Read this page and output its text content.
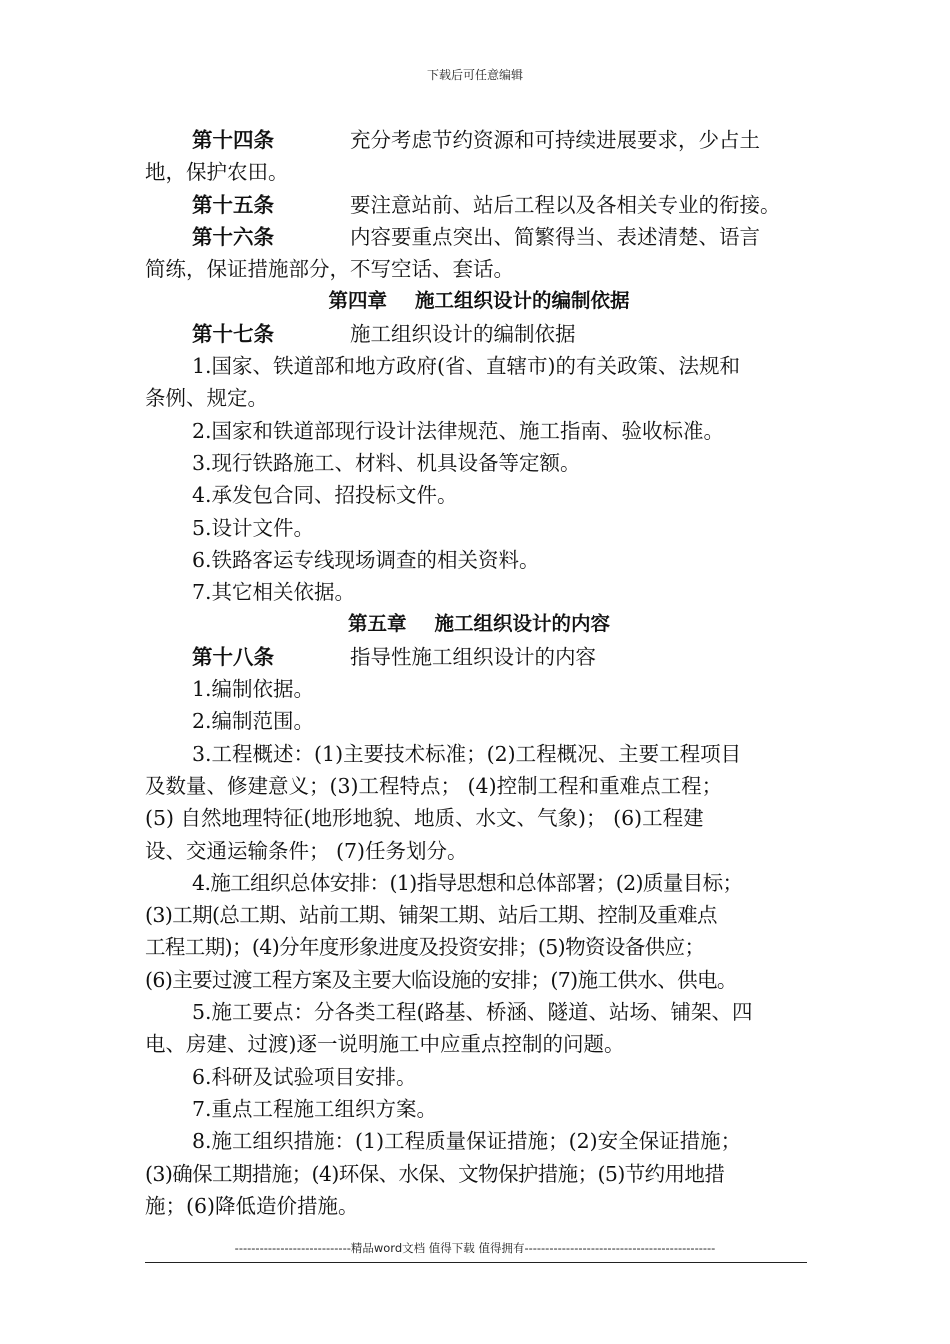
下载后可任意编辑
第十四条	充分考虑节约资源和可持续进展要求，少占土
地，保护农田。
第十五条	要注意站前、站后工程以及各相关专业的衔接。
第十六条	内容要重点突出、简繁得当、表述清楚、语言
简练，保证措施部分，不写空话、套话。
第四章 施工组织设计的编制依据
第十七条	施工组织设计的编制依据
1.国家、铁道部和地方政府(省、直辖市)的有关政策、法规和
条例、规定。
2.国家和铁道部现行设计法律规范、施工指南、验收标准。
3.现行铁路施工、材料、机具设备等定额。
4.承发包合同、招投标文件。
5.设计文件。
6.铁路客运专线现场调查的相关资料。
7.其它相关依据。
第五章 施工组织设计的内容
第十八条	指导性施工组织设计的内容
1.编制依据。
2.编制范围。
3.工程概述：(1)主要技术标准；(2)工程概况、主要工程项目
及数量、修建意义；(3)工程特点； (4)控制工程和重难点工程；
(5) 自然地理特征(地形地貌、地质、水文、气象)； (6)工程建
设、交通运输条件； (7)任务划分。
4.施工组织总体安排：(1)指导思想和总体部署；(2)质量目标；
(3)工期(总工期、站前工期、铺架工期、站后工期、控制及重难点
工程工期)；(4)分年度形象进度及投资安排；(5)物资设备供应；
(6)主要过渡工程方案及主要大临设施的安排；(7)施工供水、供电。
5.施工要点：分各类工程(路基、桥涵、隧道、站场、铺架、四
电、房建、过渡)逐一说明施工中应重点控制的问题。
6.科研及试验项目安排。
7.重点工程施工组织方案。
8.施工组织措施：(1)工程质量保证措施；(2)安全保证措施；
(3)确保工期措施；(4)环保、水保、文物保护措施；(5)节约用地措
施；(6)降低造价措施。
----------------------------精品word文档 值得下载 值得拥有----------------------------------------------
